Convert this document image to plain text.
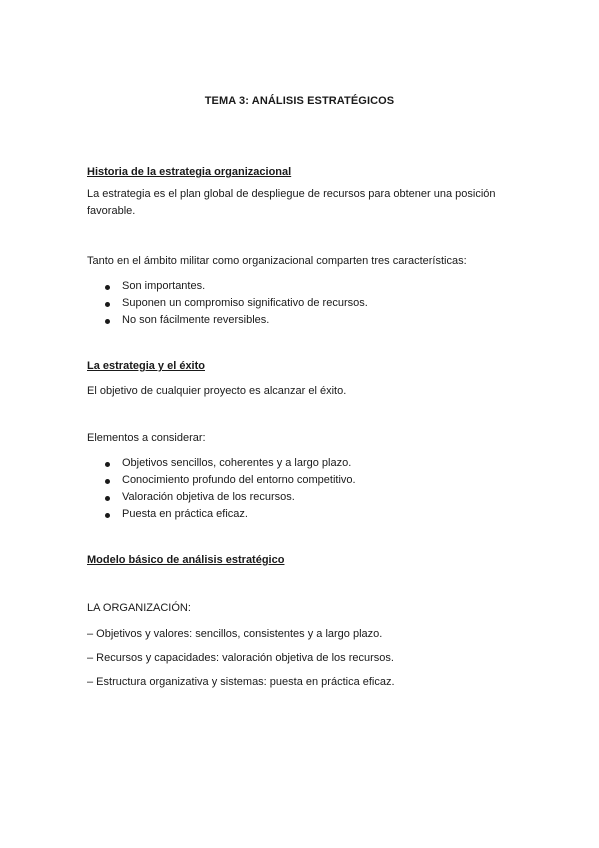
TEMA 3: ANÁLISIS ESTRATÉGICOS
Historia de la estrategia organizacional
La estrategia es el plan global de despliegue de recursos para obtener una posición
favorable.
Tanto en el ámbito militar como organizacional comparten tres características:
Son importantes.
Suponen un compromiso significativo de recursos.
No son fácilmente reversibles.
La estrategia y el éxito
El objetivo de cualquier proyecto es alcanzar el éxito.
Elementos a considerar:
Objetivos sencillos, coherentes y a largo plazo.
Conocimiento profundo del entorno competitivo.
Valoración objetiva de los recursos.
Puesta en práctica eficaz.
Modelo básico de análisis estratégico
LA ORGANIZACIÓN:
– Objetivos y valores: sencillos, consistentes y a largo plazo.
– Recursos y capacidades: valoración objetiva de los recursos.
– Estructura organizativa y sistemas: puesta en práctica eficaz.
